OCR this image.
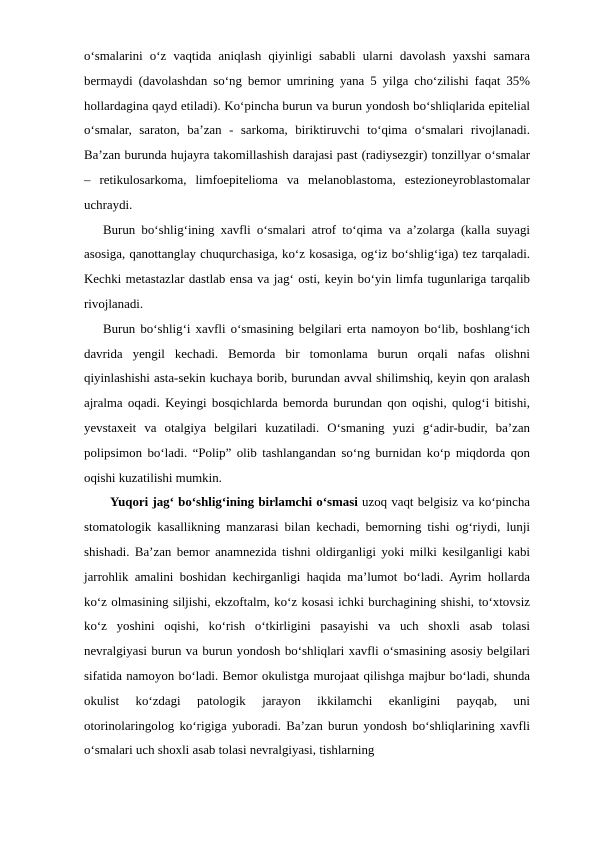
o‘smalarini o‘z vaqtida aniqlash qiyinligi sababli ularni davolash yaxshi samara bermaydi (davolashdan so‘ng bemor umrining yana 5 yilga cho‘zilishi faqat 35% hollardagina qayd etiladi). Ko‘pincha burun va burun yondosh bo‘shliqlarida epitelial o‘smalar, saraton, ba’zan - sarkoma, biriktiruvchi to‘qima o‘smalari rivojlanadi. Ba’zan burunda hujayra takomillashish darajasi past (radiysezgir) tonzillyar o‘smalar – retikulosarkoma, limfoepitelioma va melanoblastoma, estezioneyroblastomalar uchraydi.

Burun bo‘shlig‘ining xavfli o‘smalari atrof to‘qima va a’zolarga (kalla suyagi asosiga, qanottanglay chuqurchasiga, ko‘z kosasiga, og‘iz bo‘shlig‘iga) tez tarqaladi. Kechki metastazlar dastlab ensa va jag‘ osti, keyin bo‘yin limfa tugunlariga tarqalib rivojlanadi.

Burun bo‘shlig‘i xavfli o‘smasining belgilari erta namoyon bo‘lib, boshlang‘ich davrida yengil kechadi. Bemorda bir tomonlama burun orqali nafas olishni qiyinlashishi asta-sekin kuchaya borib, burundan avval shilimshiq, keyin qon aralash ajralma oqadi. Keyingi bosqichlarda bemorda burundan qon oqishi, qulog‘i bitishi, yevstaxeit va otalgiya belgilari kuzatiladi. O‘smaning yuzi g‘adir-budir, ba’zan polipsimon bo‘ladi. “Polip” olib tashlangandan so‘ng burnidan ko‘p miqdorda qon oqishi kuzatilishi mumkin.

Yuqori jag‘ bo‘shlig‘ining birlamchi o‘smasi uzoq vaqt belgisiz va ko‘pincha stomatologik kasallikning manzarasi bilan kechadi, bemorning tishi og‘riydi, lunji shishadi. Ba’zan bemor anamnezida tishni oldirganligi yoki milki kesilganligi kabi jarrohlik amalini boshidan kechirganligi haqida ma’lumot bo‘ladi. Ayrim hollarda ko‘z olmasining siljishi, ekzoftalm, ko‘z kosasi ichki burchagining shishi, to‘xtovsiz ko‘z yoshini oqishi, ko‘rish o‘tkirligini pasayishi va uch shoxli asab tolasi nevralgiyasi burun va burun yondosh bo‘shliqlari xavfli o‘smasining asosiy belgilari sifatida namoyon bo‘ladi. Bemor okulistga murojaat qilishga majbur bo‘ladi, shunda okulist ko‘zdagi patologik jarayon ikkilamchi ekanligini payqab, uni otorinolaringolog ko‘rigiga yuboradi. Ba’zan burun yondosh bo‘shliqlarining xavfli o‘smalari uch shoxli asab tolasi nevralgiyasi, tishlarning
